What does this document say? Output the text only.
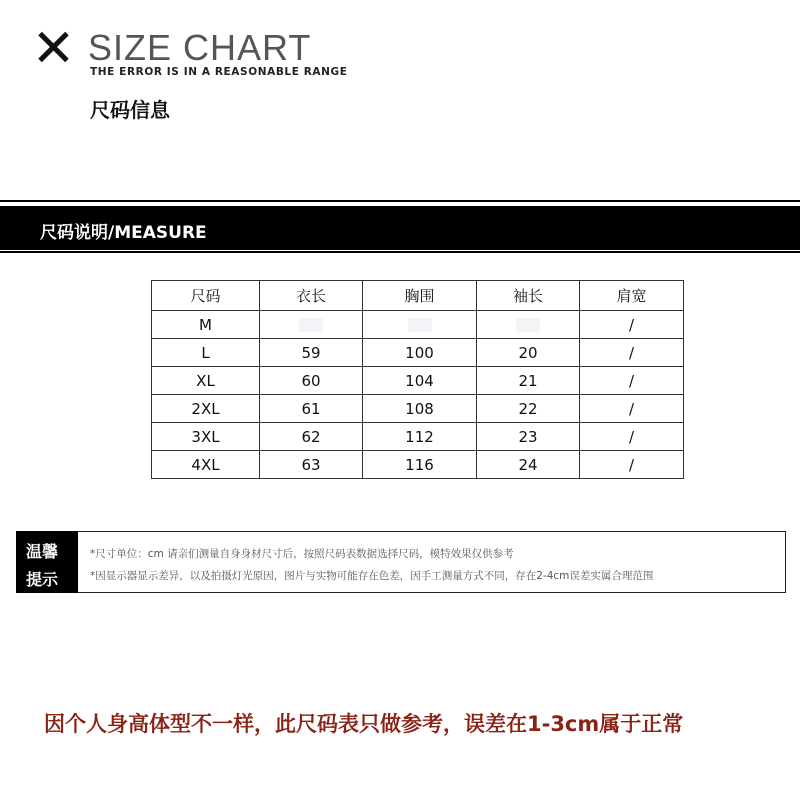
SIZE CHART
THE ERROR IS IN A REASONABLE RANGE
尺码信息
尺码说明/MEASURE
尺码	衣长	胸围	袖长	肩宽
M				/
L	59	100	20	/
XL	60	104	21	/
2XL	61	108	22	/
3XL	62	112	23	/
4XL	63	116	24	/
温馨
提示
*尺寸单位：cm 请亲们测量自身身材尺寸后，按照尺码表数据选择尺码，模特效果仅供参考
*因显示器显示差异，以及拍摄灯光原因，图片与实物可能存在色差，因手工测量方式不同，存在2-4cm误差实属合理范围
因个人身高体型不一样，此尺码表只做参考，误差在1-3cm属于正常
